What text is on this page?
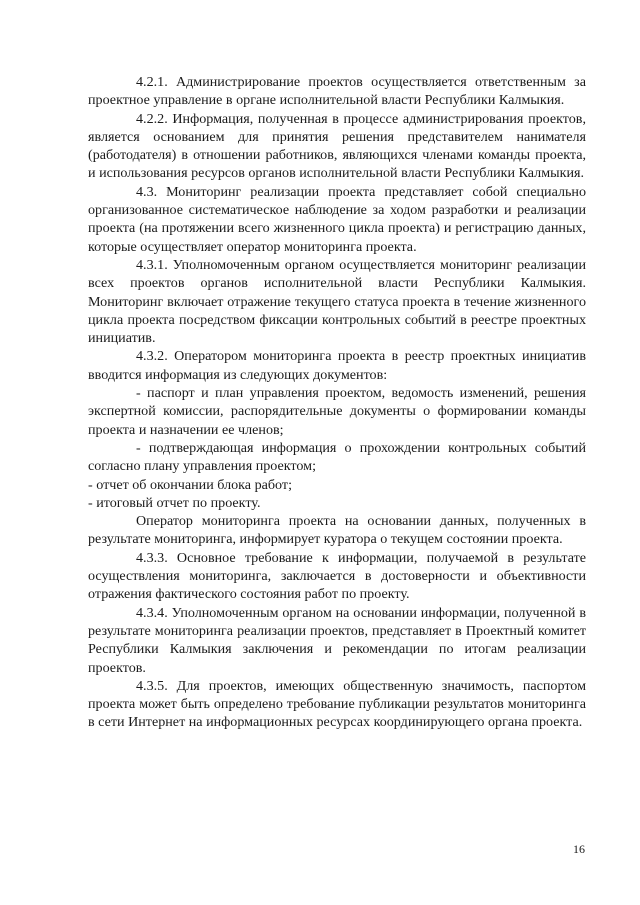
4.2.1. Администрирование проектов осуществляется ответственным за проектное управление в органе исполнительной власти Республики Калмыкия.

4.2.2. Информация, полученная в процессе администрирования проектов, является основанием для принятия решения представителем нанимателя (работодателя) в отношении работников, являющихся членами команды проекта, и использования ресурсов органов исполнительной власти Республики Калмыкия.

4.3. Мониторинг реализации проекта представляет собой специально организованное систематическое наблюдение за ходом разработки и реализации проекта (на протяжении всего жизненного цикла проекта) и регистрацию данных, которые осуществляет оператор мониторинга проекта.

4.3.1. Уполномоченным органом осуществляется мониторинг реализации всех проектов органов исполнительной власти Республики Калмыкия. Мониторинг включает отражение текущего статуса проекта в течение жизненного цикла проекта посредством фиксации контрольных событий в реестре проектных инициатив.

4.3.2. Оператором мониторинга проекта в реестр проектных инициатив вводится информация из следующих документов:

- паспорт и план управления проектом, ведомость изменений, решения экспертной комиссии, распорядительные документы о формировании команды проекта и назначении ее членов;

- подтверждающая информация о прохождении контрольных событий согласно плану управления проектом;

- отчет об окончании блока работ;

- итоговый отчет по проекту.

Оператор мониторинга проекта на основании данных, полученных в результате мониторинга, информирует куратора о текущем состоянии проекта.

4.3.3. Основное требование к информации, получаемой в результате осуществления мониторинга, заключается в достоверности и объективности отражения фактического состояния работ по проекту.

4.3.4. Уполномоченным органом на основании информации, полученной в результате мониторинга реализации проектов, представляет в Проектный комитет Республики Калмыкия заключения и рекомендации по итогам реализации проектов.

4.3.5. Для проектов, имеющих общественную значимость, паспортом проекта может быть определено требование публикации результатов мониторинга в сети Интернет на информационных ресурсах координирующего органа проекта.

16
